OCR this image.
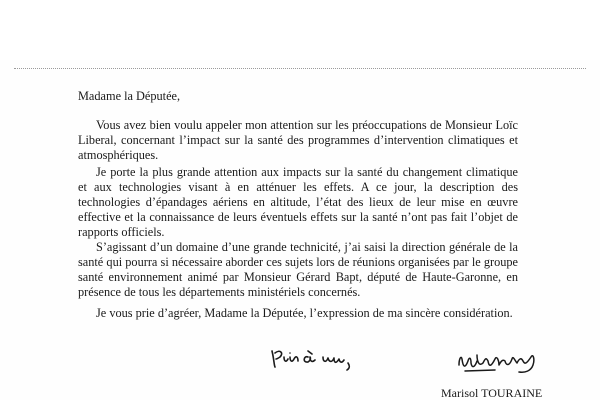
Madame la Députée,

Vous avez bien voulu appeler mon attention sur les préoccupations de Monsieur Loïc Liberal, concernant l’impact sur la santé des programmes d’intervention climatiques et atmosphériques.

Je porte la plus grande attention aux impacts sur la santé du changement climatique et aux technologies visant à en atténuer les effets. A ce jour, la description des technologies d’épandages aériens en altitude, l’état des lieux de leur mise en œuvre effective et la connaissance de leurs éventuels effets sur la santé n’ont pas fait l’objet de rapports officiels.

S’agissant d’un domaine d’une grande technicité, j’ai saisi la direction générale de la santé qui pourra si nécessaire aborder ces sujets lors de réunions organisées par le groupe santé environnement animé par Monsieur Gérard Bapt, député de Haute-Garonne, en présence de tous les départements ministériels concernés.

Je vous prie d’agréer, Madame la Députée, l’expression de ma sincère considération.

Marisol TOURAINE
